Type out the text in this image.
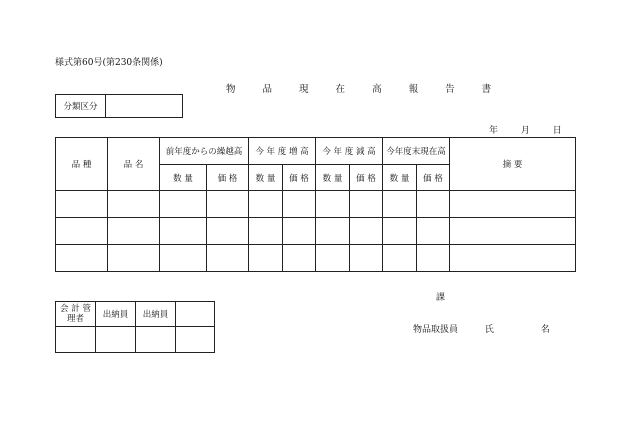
様式第60号(第230条関係)
物 品 現 在 高 報 告 書
分類区分	
年	月	日
品 種	品 名	前年度からの繰越高		今 年 度 増 高		今 年 度 減 高		今年度末現在高		摘 要
		数 量	価 格	数 量	価 格	数 量	価 格	数 量	価 格	

課
会 計 管理者	出納員	出納員	

物品取扱員	氏	名
